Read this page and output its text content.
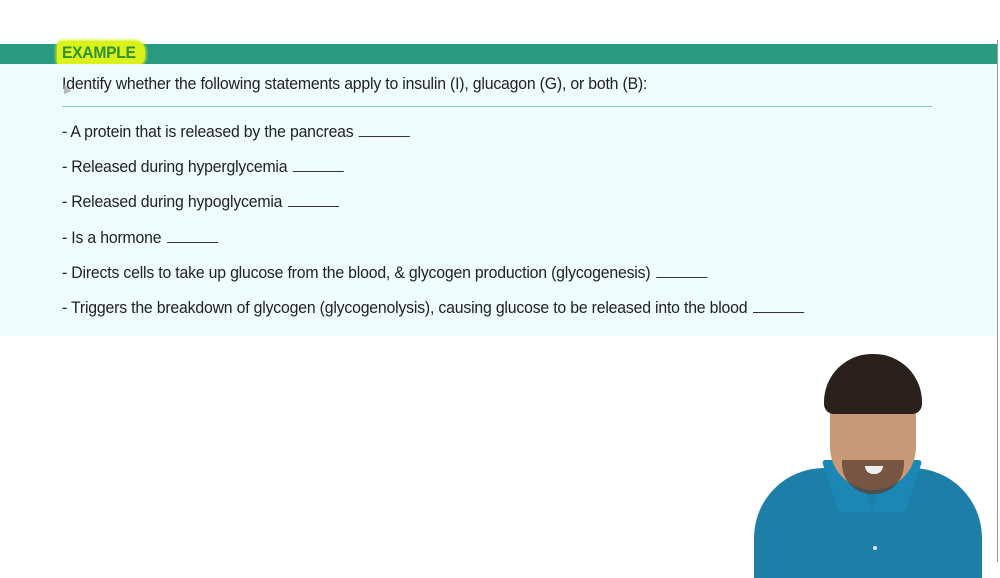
EXAMPLE
Identify whether the following statements apply to insulin (I), glucagon (G), or both (B):
- A protein that is released by the pancreas
- Released during hyperglycemia
- Released during hypoglycemia
- Is a hormone
- Directs cells to take up glucose from the blood, & glycogen production (glycogenesis)
- Triggers the breakdown of glycogen (glycogenolysis), causing glucose to be released into the blood
